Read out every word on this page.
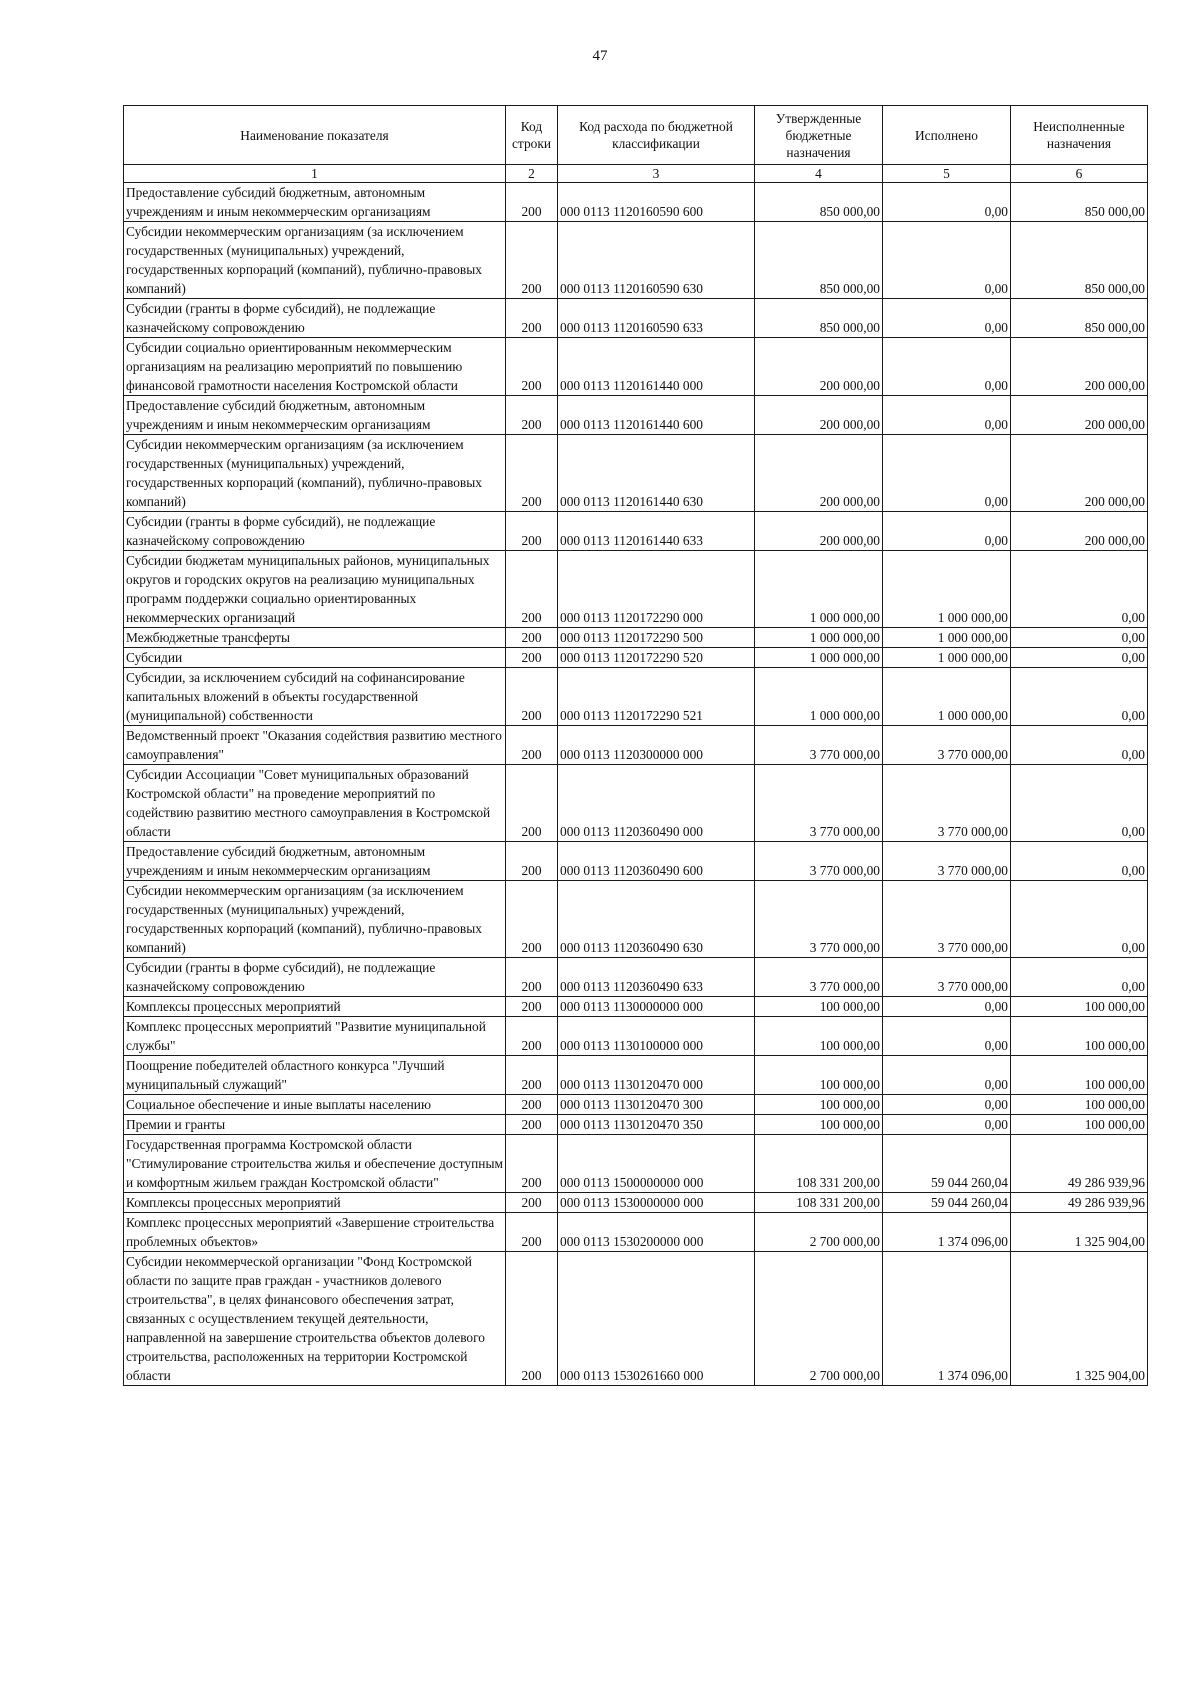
47
Наименование показателя	Код строки	Код расхода по бюджетной классификации	Утвержденные бюджетные назначения	Исполнено	Неисполненные назначения
1	2	3	4	5	6
Предоставление субсидий бюджетным, автономным учреждениям и иным некоммерческим организациям	200	000 0113 1120160590 600	850 000,00	0,00	850 000,00
Субсидии некоммерческим организациям (за исключением государственных (муниципальных) учреждений, государственных корпораций (компаний), публично-правовых компаний)	200	000 0113 1120160590 630	850 000,00	0,00	850 000,00
Субсидии (гранты в форме субсидий), не подлежащие казначейскому сопровождению	200	000 0113 1120160590 633	850 000,00	0,00	850 000,00
Субсидии социально ориентированным некоммерческим организациям на реализацию мероприятий по повышению финансовой грамотности населения Костромской области	200	000 0113 1120161440 000	200 000,00	0,00	200 000,00
Предоставление субсидий бюджетным, автономным учреждениям и иным некоммерческим организациям	200	000 0113 1120161440 600	200 000,00	0,00	200 000,00
Субсидии некоммерческим организациям (за исключением государственных (муниципальных) учреждений, государственных корпораций (компаний), публично-правовых компаний)	200	000 0113 1120161440 630	200 000,00	0,00	200 000,00
Субсидии (гранты в форме субсидий), не подлежащие казначейскому сопровождению	200	000 0113 1120161440 633	200 000,00	0,00	200 000,00
Субсидии бюджетам муниципальных районов, муниципальных округов и городских округов на реализацию муниципальных программ поддержки социально ориентированных некоммерческих организаций	200	000 0113 1120172290 000	1 000 000,00	1 000 000,00	0,00
Межбюджетные трансферты	200	000 0113 1120172290 500	1 000 000,00	1 000 000,00	0,00
Субсидии	200	000 0113 1120172290 520	1 000 000,00	1 000 000,00	0,00
Субсидии, за исключением субсидий на софинансирование капитальных вложений в объекты государственной (муниципальной) собственности	200	000 0113 1120172290 521	1 000 000,00	1 000 000,00	0,00
Ведомственный проект "Оказания содействия развитию местного самоуправления"	200	000 0113 1120300000 000	3 770 000,00	3 770 000,00	0,00
Субсидии Ассоциации "Совет муниципальных образований Костромской области" на проведение мероприятий по содействию развитию местного самоуправления в Костромской области	200	000 0113 1120360490 000	3 770 000,00	3 770 000,00	0,00
Предоставление субсидий бюджетным, автономным учреждениям и иным некоммерческим организациям	200	000 0113 1120360490 600	3 770 000,00	3 770 000,00	0,00
Субсидии некоммерческим организациям (за исключением государственных (муниципальных) учреждений, государственных корпораций (компаний), публично-правовых компаний)	200	000 0113 1120360490 630	3 770 000,00	3 770 000,00	0,00
Субсидии (гранты в форме субсидий), не подлежащие казначейскому сопровождению	200	000 0113 1120360490 633	3 770 000,00	3 770 000,00	0,00
Комплексы процессных мероприятий	200	000 0113 1130000000 000	100 000,00	0,00	100 000,00
Комплекс процессных мероприятий "Развитие муниципальной службы"	200	000 0113 1130100000 000	100 000,00	0,00	100 000,00
Поощрение победителей областного конкурса "Лучший муниципальный служащий"	200	000 0113 1130120470 000	100 000,00	0,00	100 000,00
Социальное обеспечение и иные выплаты населению	200	000 0113 1130120470 300	100 000,00	0,00	100 000,00
Премии и гранты	200	000 0113 1130120470 350	100 000,00	0,00	100 000,00
Государственная программа Костромской области "Стимулирование строительства жилья и обеспечение доступным и комфортным жильем граждан Костромской области"	200	000 0113 1500000000 000	108 331 200,00	59 044 260,04	49 286 939,96
Комплексы процессных мероприятий	200	000 0113 1530000000 000	108 331 200,00	59 044 260,04	49 286 939,96
Комплекс процессных мероприятий «Завершение строительства проблемных объектов»	200	000 0113 1530200000 000	2 700 000,00	1 374 096,00	1 325 904,00
Субсидии некоммерческой организации "Фонд Костромской области по защите прав граждан - участников долевого строительства", в целях финансового обеспечения затрат, связанных с осуществлением текущей деятельности, направленной на завершение строительства объектов долевого строительства, расположенных на территории Костромской области	200	000 0113 1530261660 000	2 700 000,00	1 374 096,00	1 325 904,00
